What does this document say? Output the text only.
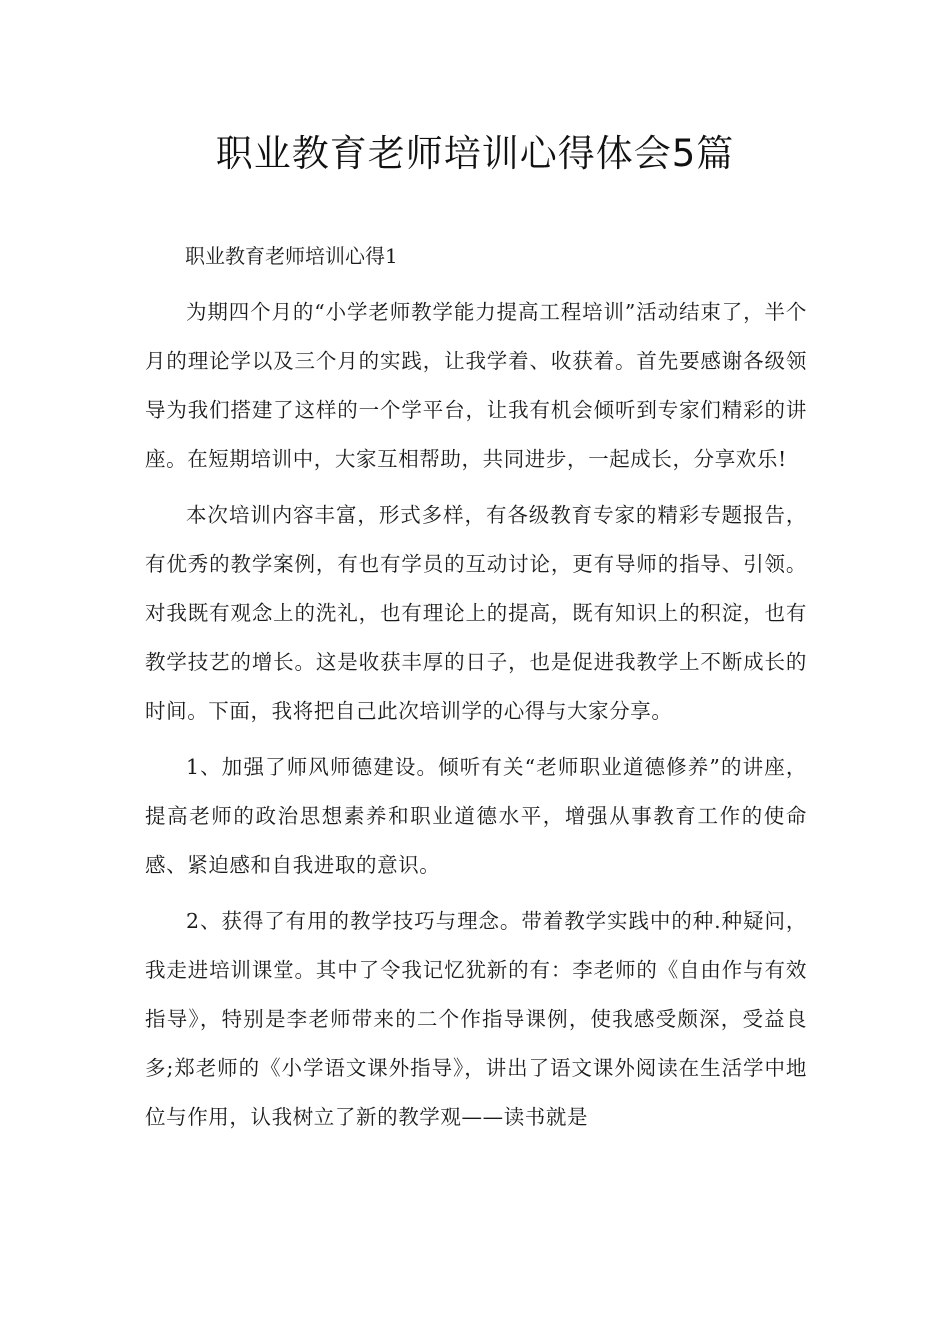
职业教育老师培训心得体会5篇

职业教育老师培训心得1

为期四个月的“小学老师教学能力提高工程培训”活动结束了，半个月的理论学以及三个月的实践，让我学着、收获着。首先要感谢各级领导为我们搭建了这样的一个学平台，让我有机会倾听到专家们精彩的讲座。在短期培训中，大家互相帮助，共同进步，一起成长，分享欢乐!

本次培训内容丰富，形式多样，有各级教育专家的精彩专题报告，有优秀的教学案例，有也有学员的互动讨论，更有导师的指导、引领。对我既有观念上的洗礼，也有理论上的提高，既有知识上的积淀，也有教学技艺的增长。这是收获丰厚的日子，也是促进我教学上不断成长的时间。下面，我将把自己此次培训学的心得与大家分享。

1、加强了师风师德建设。倾听有关“老师职业道德修养”的讲座，提高老师的政治思想素养和职业道德水平，增强从事教育工作的使命感、紧迫感和自我进取的意识。

2、获得了有用的教学技巧与理念。带着教学实践中的种.种疑问，我走进培训课堂。其中了令我记忆犹新的有：李老师的《自由作与有效指导》，特别是李老师带来的二个作指导课例，使我感受颇深，受益良多;郑老师的《小学语文课外指导》，讲出了语文课外阅读在生活学中地位与作用，认我树立了新的教学观——读书就是
